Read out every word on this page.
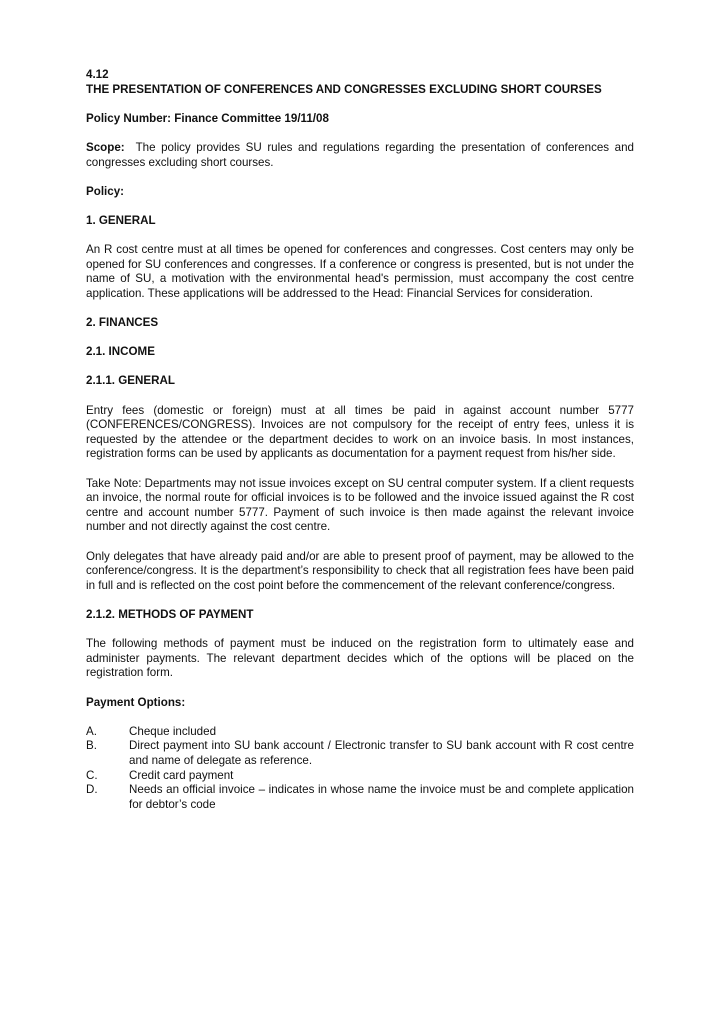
4.12
THE PRESENTATION OF CONFERENCES AND CONGRESSES EXCLUDING SHORT COURSES
Policy Number: Finance Committee 19/11/08

Scope: The policy provides SU rules and regulations regarding the presentation of conferences and congresses excluding short courses.

Policy:
1. GENERAL

An R cost centre must at all times be opened for conferences and congresses. Cost centers may only be opened for SU conferences and congresses. If a conference or congress is presented, but is not under the name of SU, a motivation with the environmental head's permission, must accompany the cost centre application. These applications will be addressed to the Head: Financial Services for consideration.

2. FINANCES
2.1. INCOME
2.1.1. GENERAL

Entry fees (domestic or foreign) must at all times be paid in against account number 5777 (CONFERENCES/CONGRESS). Invoices are not compulsory for the receipt of entry fees, unless it is requested by the attendee or the department decides to work on an invoice basis. In most instances, registration forms can be used by applicants as documentation for a payment request from his/her side.

Take Note: Departments may not issue invoices except on SU central computer system. If a client requests an invoice, the normal route for official invoices is to be followed and the invoice issued against the R cost centre and account number 5777. Payment of such invoice is then made against the relevant invoice number and not directly against the cost centre.

Only delegates that have already paid and/or are able to present proof of payment, may be allowed to the conference/congress. It is the department’s responsibility to check that all registration fees have been paid in full and is reflected on the cost point before the commencement of the relevant conference/congress.

2.1.2. METHODS OF PAYMENT

The following methods of payment must be induced on the registration form to ultimately ease and administer payments. The relevant department decides which of the options will be placed on the registration form.

Payment Options:
A.	Cheque included
B.	Direct payment into SU bank account / Electronic transfer to SU bank account with R cost centre and name of delegate as reference.
C.	Credit card payment
D.	Needs an official invoice – indicates in whose name the invoice must be and complete application for debtor’s code
